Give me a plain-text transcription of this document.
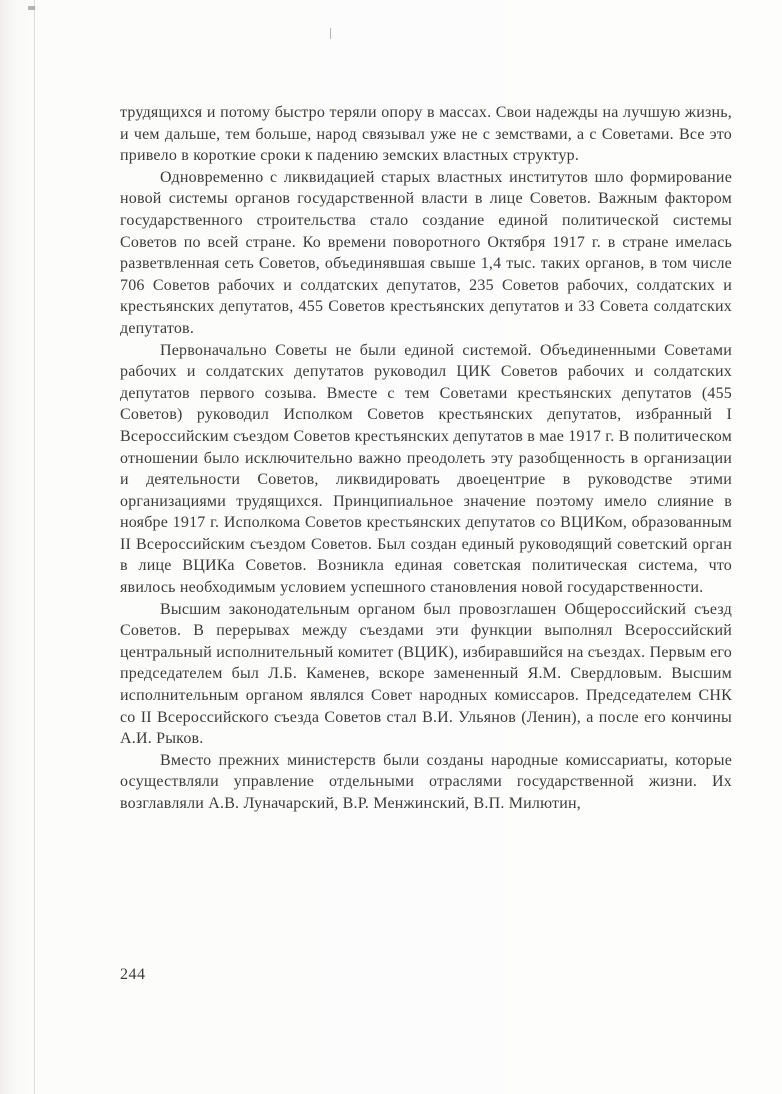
трудящихся и потому быстро теряли опору в массах. Свои надежды на лучшую жизнь, и чем дальше, тем больше, народ связывал уже не с земствами, а с Советами. Все это привело в короткие сроки к падению земских властных структур.

Одновременно с ликвидацией старых властных институтов шло формирование новой системы органов государственной власти в лице Советов. Важным фактором государственного строительства стало создание единой политической системы Советов по всей стране. Ко времени поворотного Октября 1917 г. в стране имелась разветвленная сеть Советов, объединявшая свыше 1,4 тыс. таких органов, в том числе 706 Советов рабочих и солдатских депутатов, 235 Советов рабочих, солдатских и крестьянских депутатов, 455 Советов крестьянских депутатов и 33 Совета солдатских депутатов.

Первоначально Советы не были единой системой. Объединенными Советами рабочих и солдатских депутатов руководил ЦИК Советов рабочих и солдатских депутатов первого созыва. Вместе с тем Советами крестьянских депутатов (455 Советов) руководил Исполком Советов крестьянских депутатов, избранный I Всероссийским съездом Советов крестьянских депутатов в мае 1917 г. В политическом отношении было исключительно важно преодолеть эту разобщенность в организации и деятельности Советов, ликвидировать двоецентрие в руководстве этими организациями трудящихся. Принципиальное значение поэтому имело слияние в ноябре 1917 г. Исполкома Советов крестьянских депутатов со ВЦИКом, образованным II Всероссийским съездом Советов. Был создан единый руководящий советский орган в лице ВЦИКа Советов. Возникла единая советская политическая система, что явилось необходимым условием успешного становления новой государственности.

Высшим законодательным органом был провозглашен Общероссийский съезд Советов. В перерывах между съездами эти функции выполнял Всероссийский центральный исполнительный комитет (ВЦИК), избиравшийся на съездах. Первым его председателем был Л.Б. Каменев, вскоре замененный Я.М. Свердловым. Высшим исполнительным органом являлся Совет народных комиссаров. Председателем СНК со II Всероссийского съезда Советов стал В.И. Ульянов (Ленин), а после его кончины А.И. Рыков.

Вместо прежних министерств были созданы народные комиссариаты, которые осуществляли управление отдельными отраслями государственной жизни. Их возглавляли А.В. Луначарский, В.Р. Менжинский, В.П. Милютин,

244
